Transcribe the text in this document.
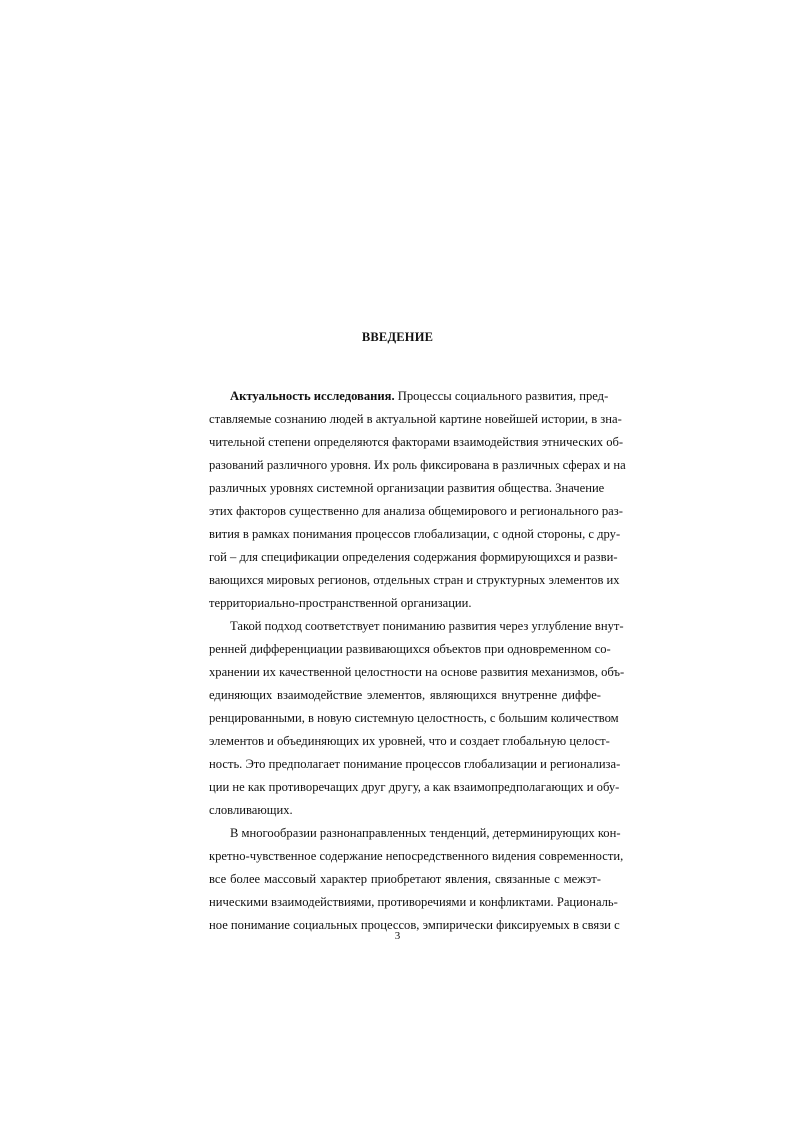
ВВЕДЕНИЕ
Актуальность исследования. Процессы социального развития, пред-
ставляемые сознанию людей в актуальной картине новейшей истории, в зна-
чительной степени определяются факторами взаимодействия этнических об-
разований различного уровня. Их роль фиксирована в различных сферах и на
различных уровнях системной организации развития общества. Значение
этих факторов существенно для анализа общемирового и регионального раз-
вития в рамках понимания процессов глобализации, с одной стороны, с дру-
гой – для спецификации определения содержания формирующихся и разви-
вающихся мировых регионов, отдельных стран и структурных элементов их
территориально-пространственной организации.
Такой подход соответствует пониманию развития через углубление внут-
ренней дифференциации развивающихся объектов при одновременном со-
хранении их качественной целостности на основе развития механизмов, объ-
единяющих взаимодействие элементов, являющихся внутренне диффе-
ренцированными, в новую системную целостность, с большим количеством
элементов и объединяющих их уровней, что и создает глобальную целост-
ность. Это предполагает понимание процессов глобализации и регионализа-
ции не как противоречащих друг другу, а как взаимопредполагающих и обу-
словливающих.
В многообразии разнонаправленных тенденций, детерминирующих кон-
кретно-чувственное содержание непосредственного видения современности,
все более массовый характер приобретают явления, связанные с межэт-
ническими взаимодействиями, противоречиями и конфликтами. Рациональ-
ное понимание социальных процессов, эмпирически фиксируемых в связи с
3
